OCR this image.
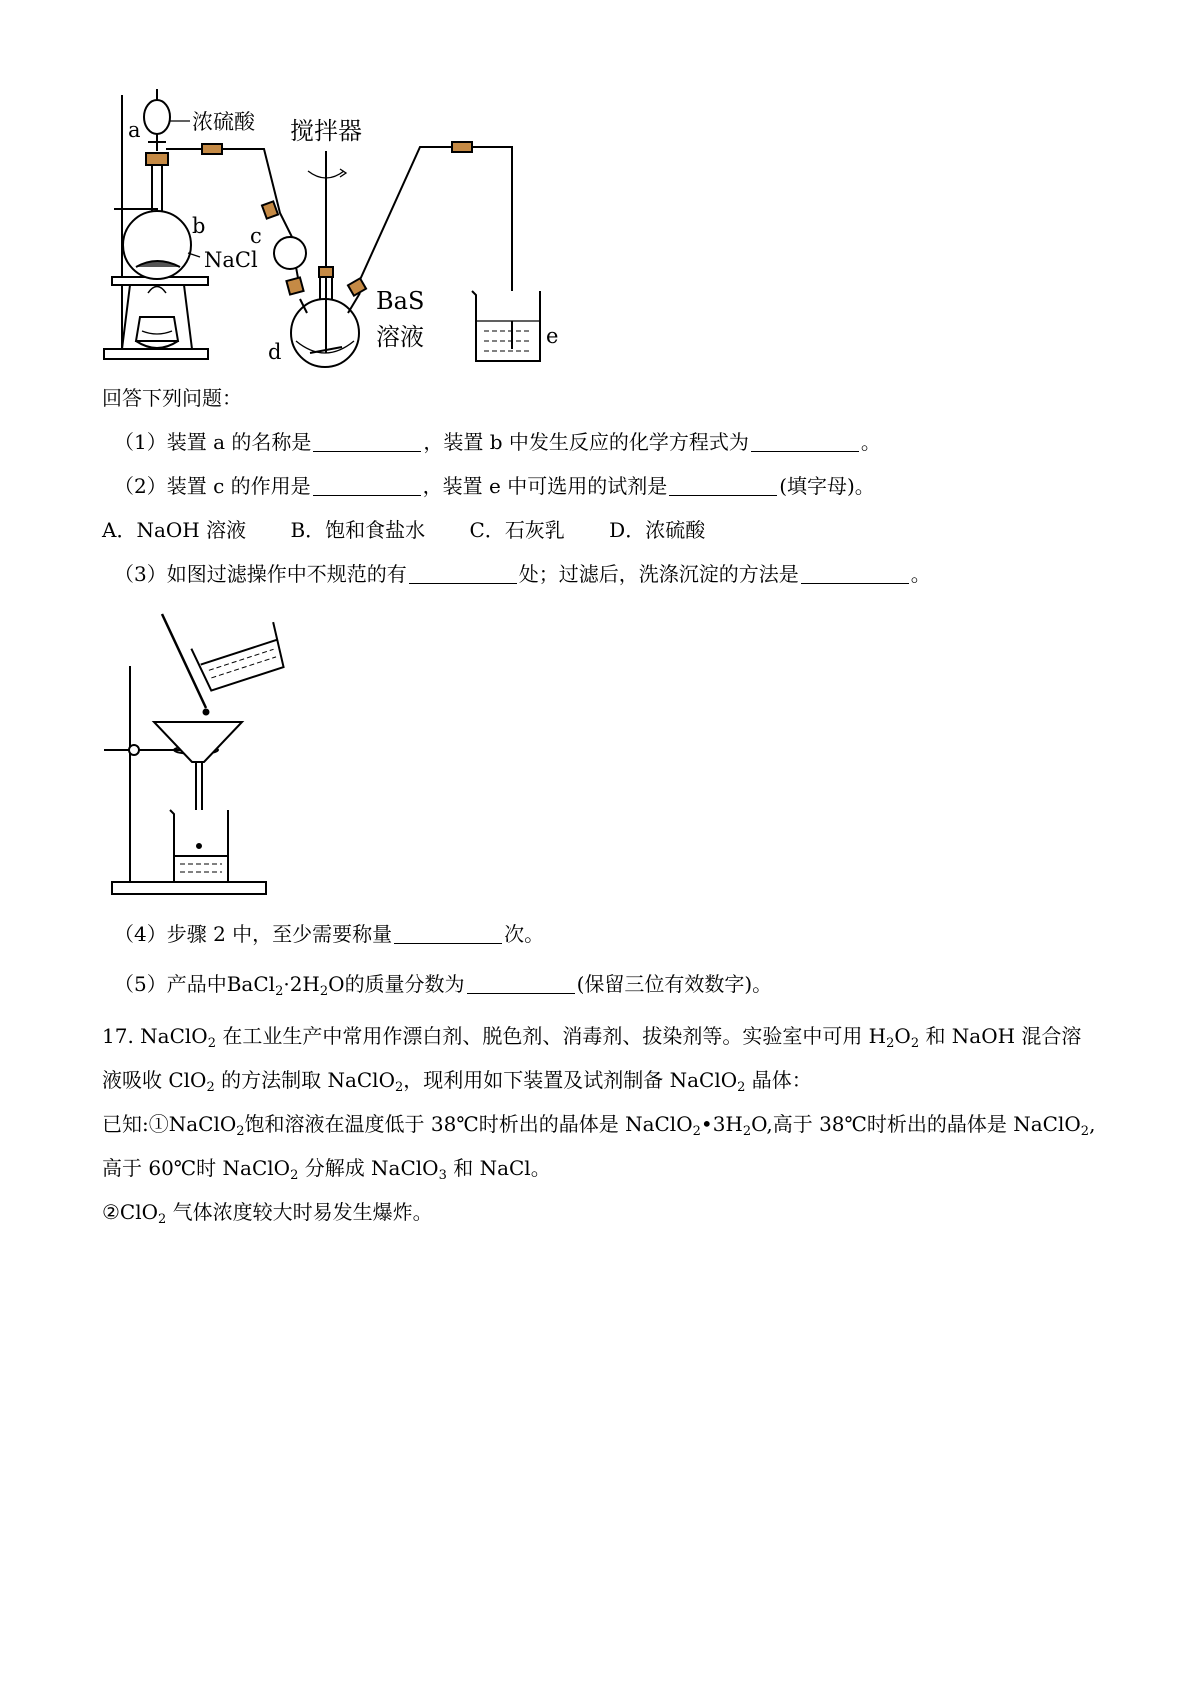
a 浓硫酸 搅拌器
b c
NaCl
BaS
溶液
d
e
回答下列问题：
（1）装置 a 的名称是	，装置 b 中发生反应的化学方程式为	。
（2）装置 c 的作用是	，装置 e 中可选用的试剂是	(填字母)。
A．NaOH 溶液 B．饱和食盐水 C．石灰乳 D．浓硫酸
（3）如图过滤操作中不规范的有	处；过滤后，洗涤沉淀的方法是	。
（4）步骤 2 中，至少需要称量	次。
（5）产品中$BaCl_2\cdot 2H_2O$的质量分数为	(保留三位有效数字)。
17. NaClO$_2$ 在工业生产中常用作漂白剂、脱色剂、消毒剂、拔染剂等。实验室中可用 $H_2O_2$ 和 NaOH 混合溶
液吸收 ClO$_2$ 的方法制取 NaClO$_2$，现利用如下装置及试剂制备 NaClO$_2$ 晶体：
已知:①NaClO$_2$饱和溶液在温度低于 38℃时析出的晶体是 $NaClO_2•3H_2O$,高于 38℃时析出的晶体是 NaClO$_2$,
高于 60℃时 NaClO$_2$ 分解成 NaClO$_3$ 和 NaCl。
②ClO$_2$ 气体浓度较大时易发生爆炸。
